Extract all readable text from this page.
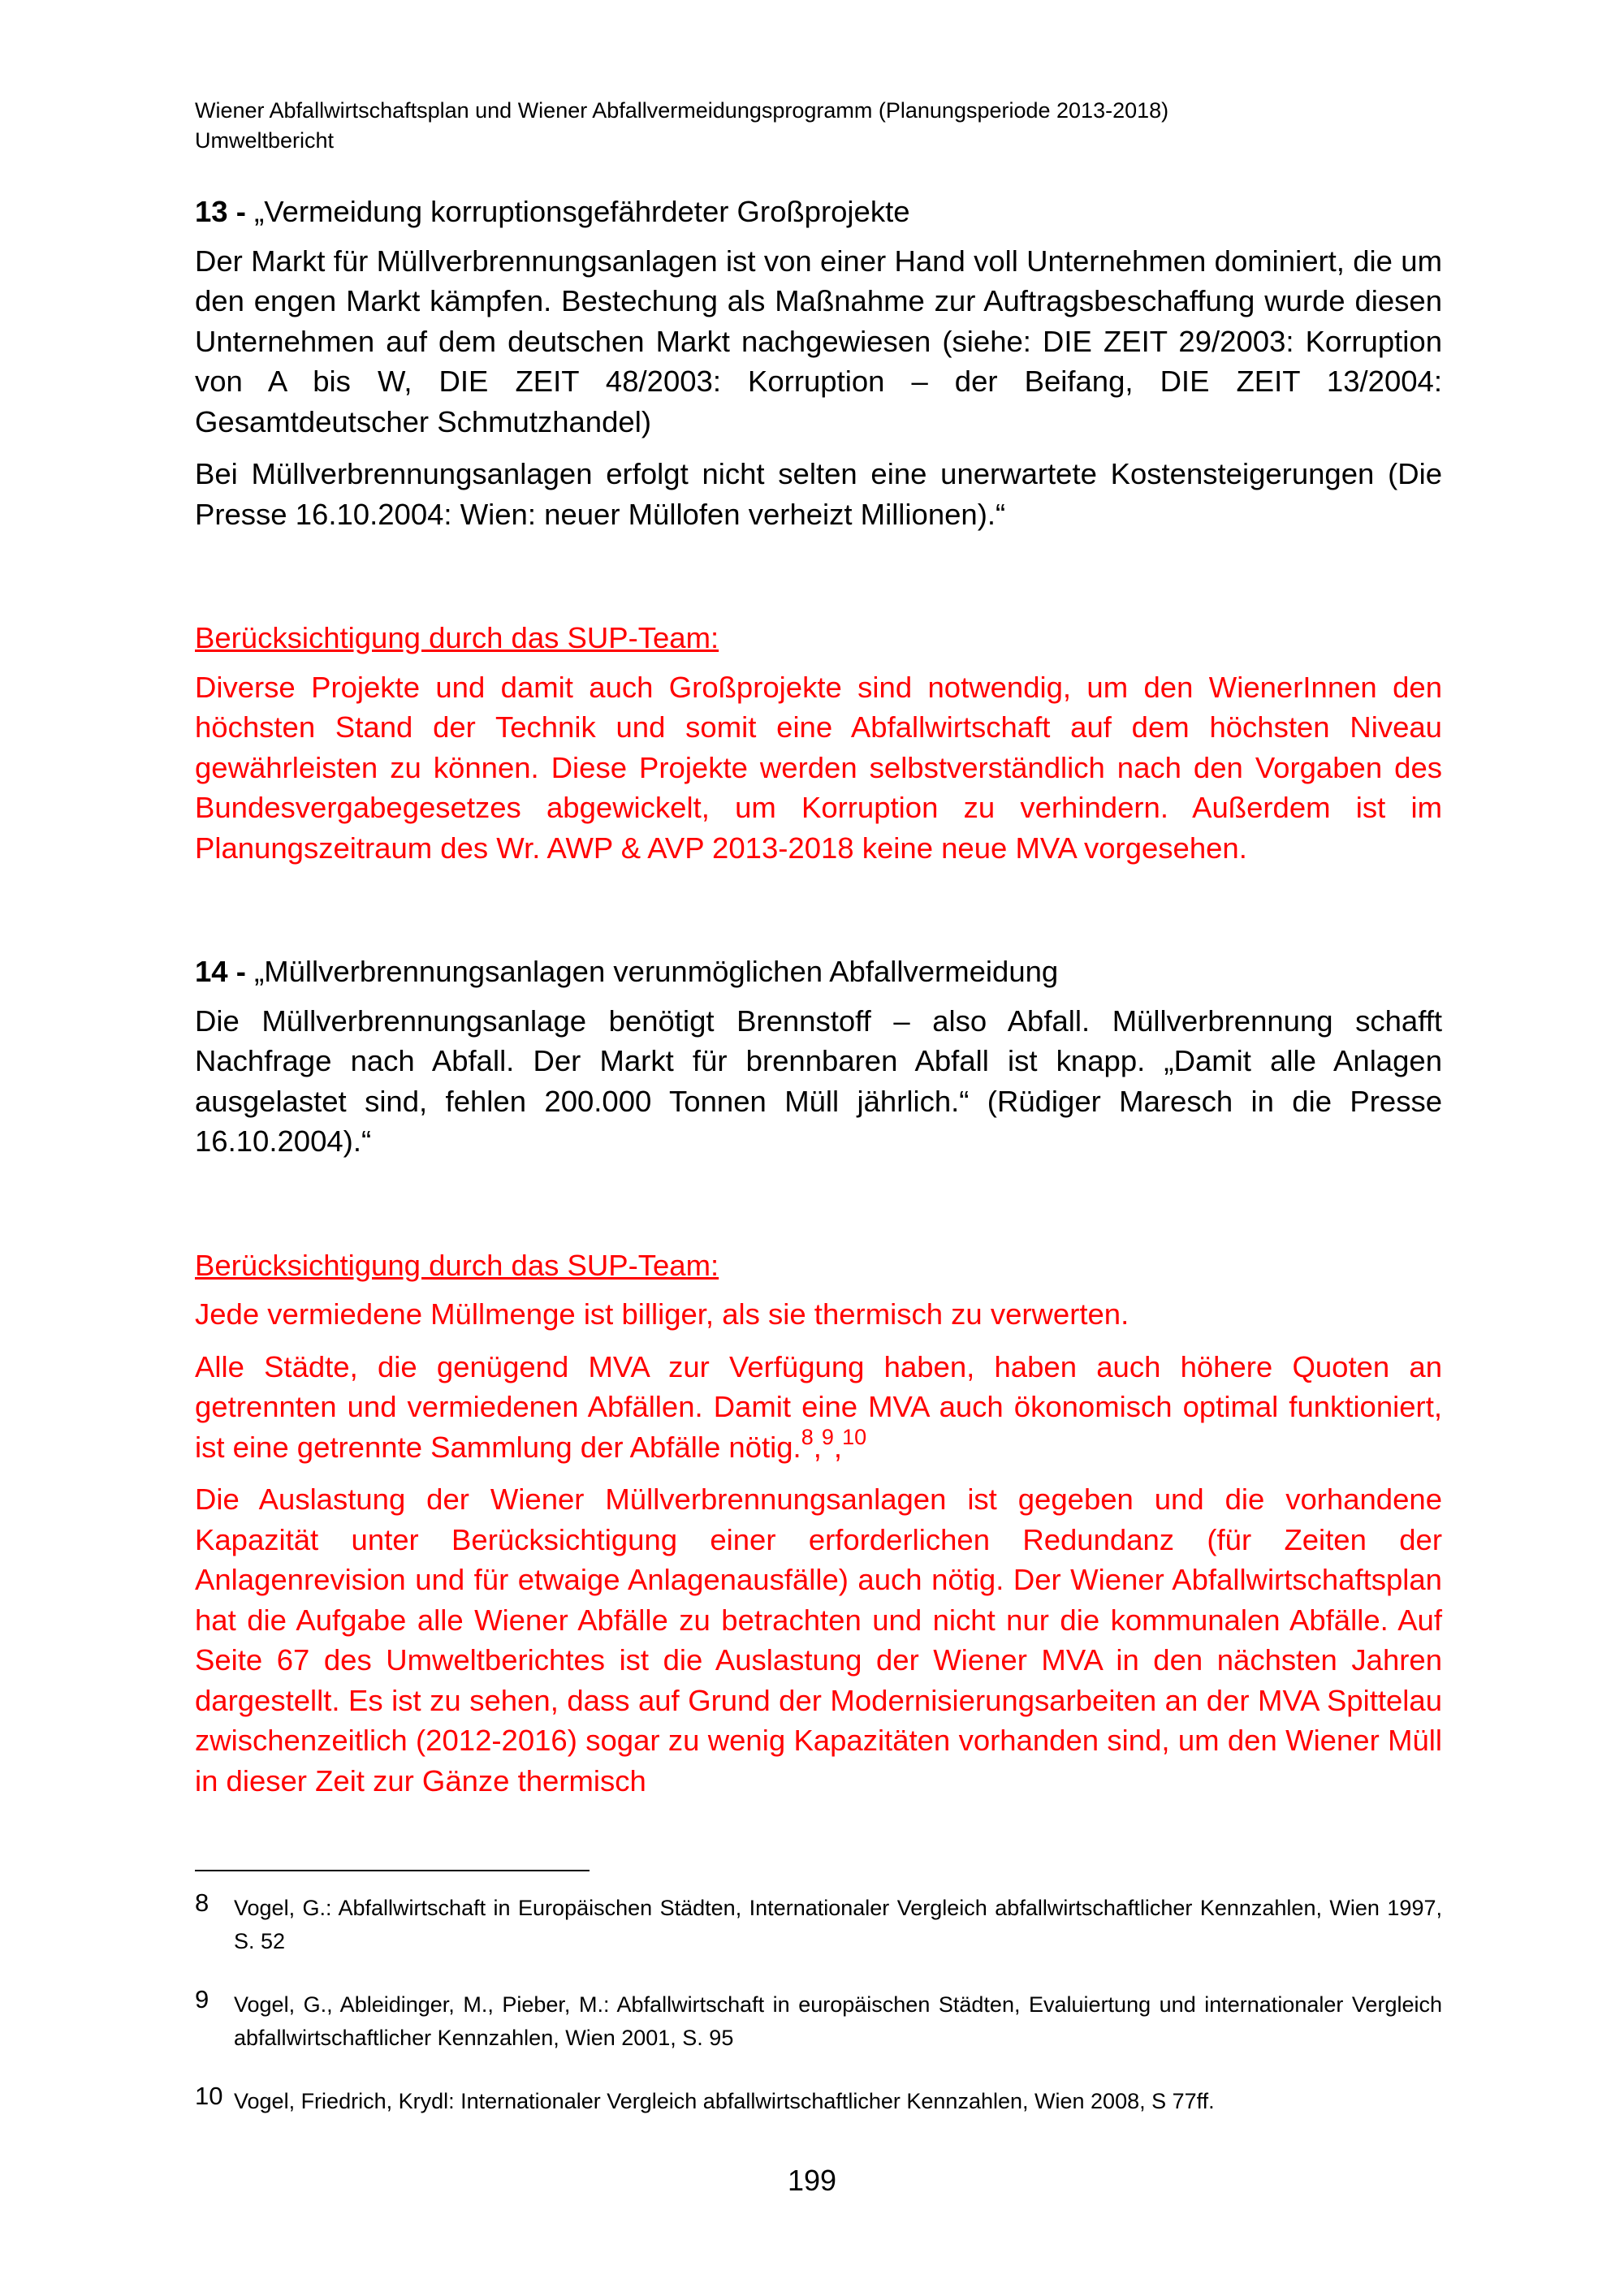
Wiener Abfallwirtschaftsplan und Wiener Abfallvermeidungsprogramm (Planungsperiode 2013-2018)
Umweltbericht

13 - „Vermeidung korruptionsgefährdeter Großprojekte

Der Markt für Müllverbrennungsanlagen ist von einer Hand voll Unternehmen dominiert, die um den engen Markt kämpfen. Bestechung als Maßnahme zur Auftragsbeschaffung wurde diesen Unternehmen auf dem deutschen Markt nachgewiesen (siehe: DIE ZEIT 29/2003: Korruption von A bis W, DIE ZEIT 48/2003: Korruption – der Beifang, DIE ZEIT 13/2004: Gesamtdeutscher Schmutzhandel)

Bei Müllverbrennungsanlagen erfolgt nicht selten eine unerwartete Kostensteigerungen (Die Presse 16.10.2004: Wien: neuer Müllofen verheizt Millionen).“

Berücksichtigung durch das SUP-Team:

Diverse Projekte und damit auch Großprojekte sind notwendig, um den WienerInnen den höchsten Stand der Technik und somit eine Abfallwirtschaft auf dem höchsten Niveau gewährleisten zu können. Diese Projekte werden selbstverständlich nach den Vorgaben des Bundesvergabegesetzes abgewickelt, um Korruption zu verhindern. Außerdem ist im Planungszeitraum des Wr. AWP & AVP 2013-2018 keine neue MVA vorgesehen.

14 - „Müllverbrennungsanlagen verunmöglichen Abfallvermeidung

Die Müllverbrennungsanlage benötigt Brennstoff – also Abfall. Müllverbrennung schafft Nachfrage nach Abfall. Der Markt für brennbaren Abfall ist knapp. „Damit alle Anlagen ausgelastet sind, fehlen 200.000 Tonnen Müll jährlich.“ (Rüdiger Maresch in die Presse 16.10.2004).“

Berücksichtigung durch das SUP-Team:

Jede vermiedene Müllmenge ist billiger, als sie thermisch zu verwerten.

Alle Städte, die genügend MVA zur Verfügung haben, haben auch höhere Quoten an getrennten und vermiedenen Abfällen. Damit eine MVA auch ökonomisch optimal funktioniert, ist eine getrennte Sammlung der Abfälle nötig.$^8$,$^9$,$^{10}$

Die Auslastung der Wiener Müllverbrennungsanlagen ist gegeben und die vorhandene Kapazität unter Berücksichtigung einer erforderlichen Redundanz (für Zeiten der Anlagenrevision und für etwaige Anlagenausfälle) auch nötig. Der Wiener Abfallwirtschaftsplan hat die Aufgabe alle Wiener Abfälle zu betrachten und nicht nur die kommunalen Abfälle. Auf Seite 67 des Umweltberichtes ist die Auslastung der Wiener MVA in den nächsten Jahren dargestellt. Es ist zu sehen, dass auf Grund der Modernisierungsarbeiten an der MVA Spittelau zwischenzeitlich (2012-2016) sogar zu wenig Kapazitäten vorhanden sind, um den Wiener Müll in dieser Zeit zur Gänze thermisch

8 Vogel, G.: Abfallwirtschaft in Europäischen Städten, Internationaler Vergleich abfallwirtschaftlicher Kennzahlen, Wien 1997, S. 52
9 Vogel, G., Ableidinger, M., Pieber, M.: Abfallwirtschaft in europäischen Städten, Evaluiertung und internationaler Vergleich abfallwirtschaftlicher Kennzahlen, Wien 2001, S. 95
10 Vogel, Friedrich, Krydl: Internationaler Vergleich abfallwirtschaftlicher Kennzahlen, Wien 2008, S 77ff.
199
